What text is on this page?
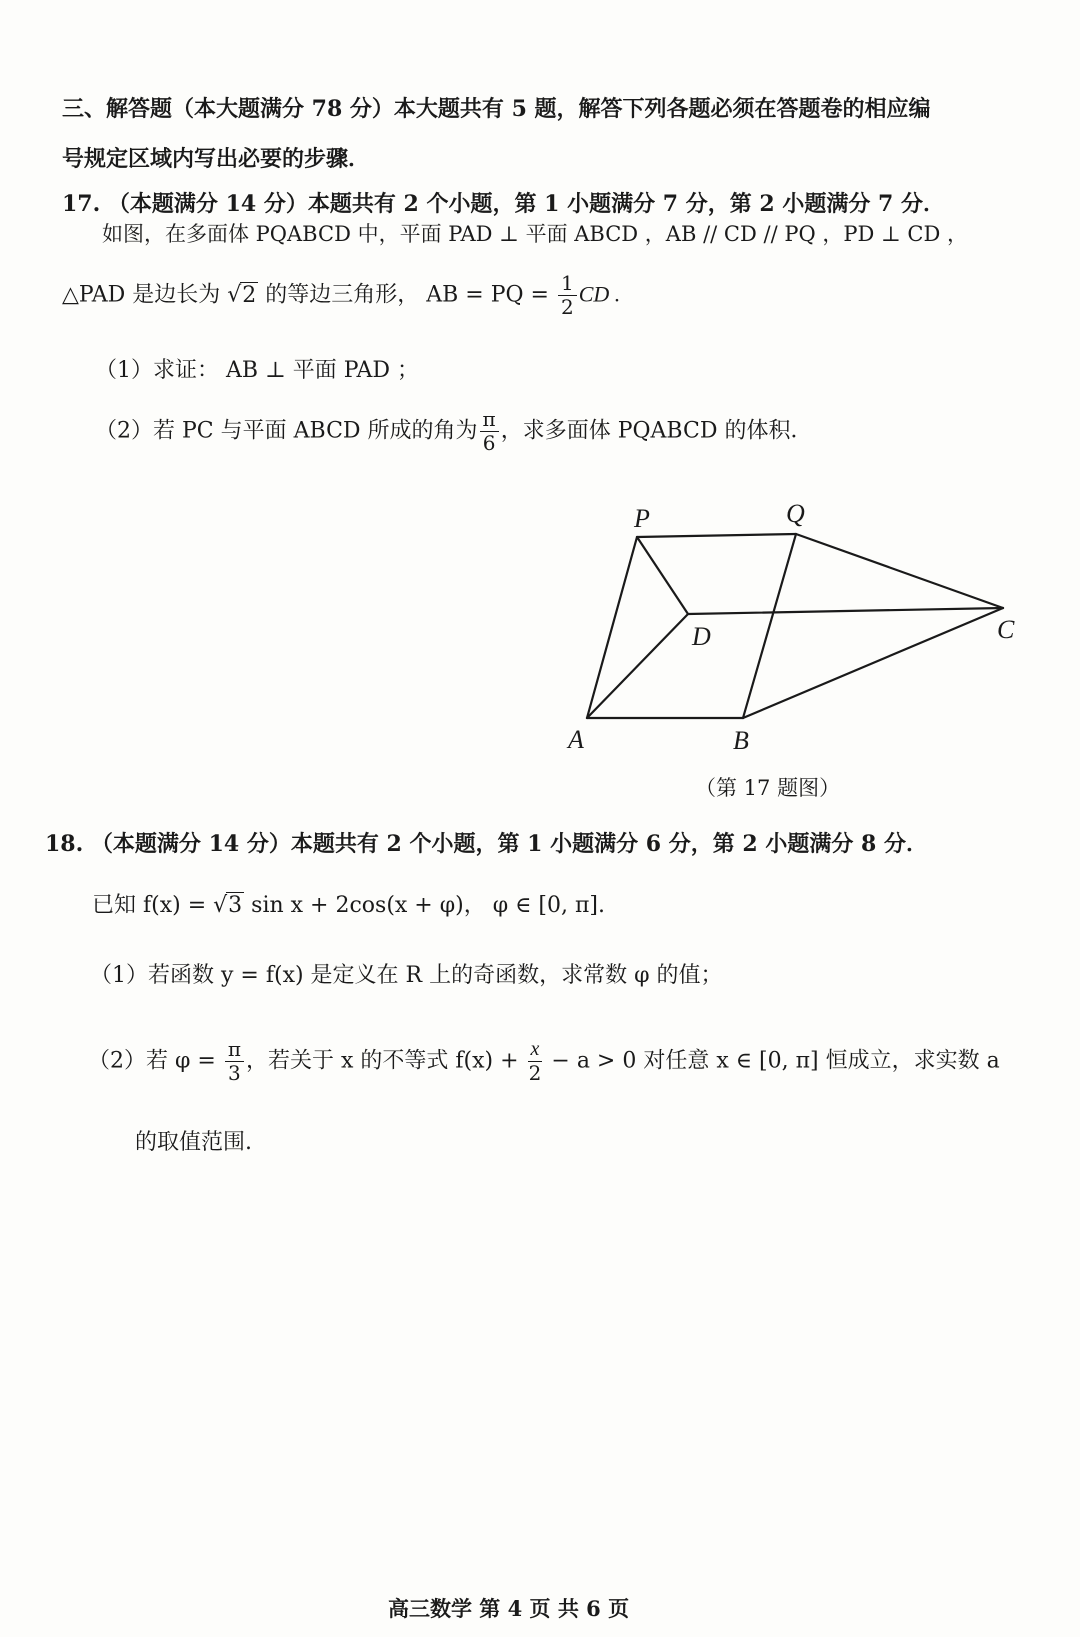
三、解答题（本大题满分 78 分）本大题共有 5 题，解答下列各题必须在答题卷的相应编
号规定区域内写出必要的步骤．
17. （本题满分 14 分）本题共有 2 个小题，第 1 小题满分 7 分，第 2 小题满分 7 分．
如图，在多面体 PQABCD 中，平面 PAD ⊥ 平面 ABCD ，AB // CD // PQ ，PD ⊥ CD ，
△PAD 是边长为 √2 的等边三角形， AB = PQ = $\frac{1}{2}$ CD .
（1）求证： AB ⊥ 平面 PAD ；
（2）若 PC 与平面 ABCD 所成的角为 $\frac{\pi}{6}$ ，求多面体 PQABCD 的体积．
P	Q
C
D
A	B
（第 17 题图）
18. （本题满分 14 分）本题共有 2 个小题，第 1 小题满分 6 分，第 2 小题满分 8 分．
已知 f(x) = √3 sin x + 2cos(x + φ)， φ ∈ [0, π].
（1）若函数 y = f(x) 是定义在 R 上的奇函数，求常数 φ 的值；
（2）若 $\varphi = \frac{\pi}{3}$ ，若关于 x 的不等式 $f(x) + \frac{x}{2} - a > 0$ 对任意 x ∈ [0, π] 恒成立，求实数 a
的取值范围.
高三数学 第 4 页 共 6 页
